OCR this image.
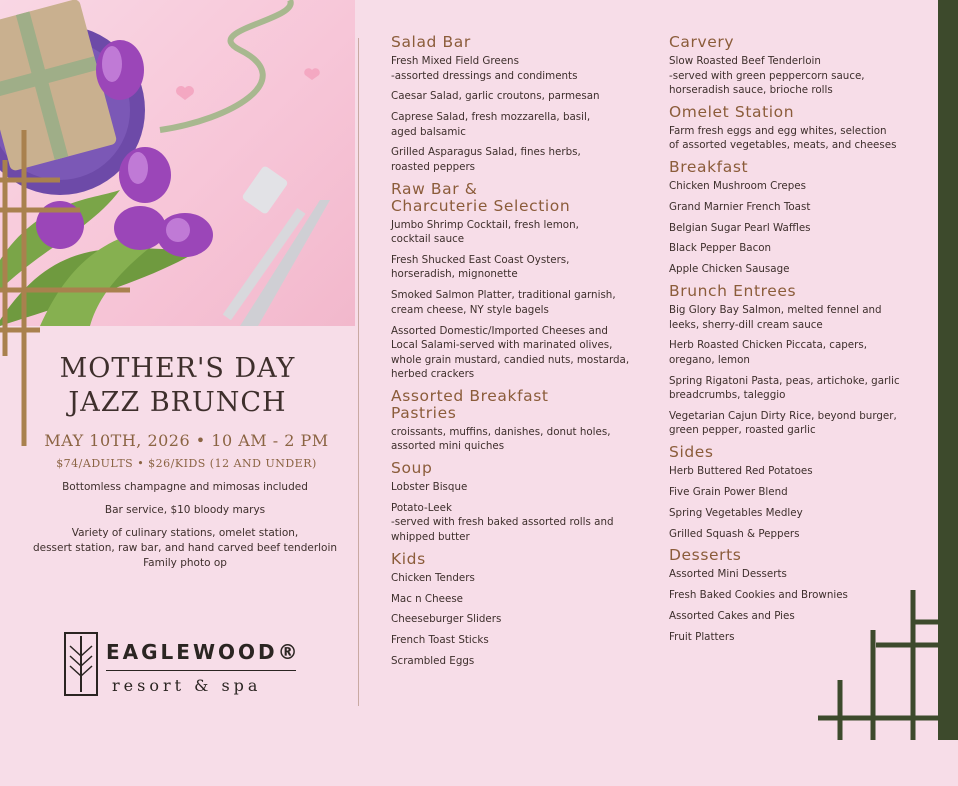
MOTHER'S DAY
JAZZ BRUNCH
MAY 10TH, 2026 • 10 AM - 2 PM
$74/ADULTS • $26/KIDS (12 AND UNDER)
Bottomless champagne and mimosas included
Bar service, $10 bloody marys
Variety of culinary stations, omelet station,
dessert station, raw bar, and hand carved beef tenderloin
Family photo op
EAGLEWOOD®
resort & spa
Salad Bar
Fresh Mixed Field Greens
-assorted dressings and condiments
Caesar Salad, garlic croutons, parmesan
Caprese Salad, fresh mozzarella, basil,
aged balsamic
Grilled Asparagus Salad, fines herbs,
roasted peppers
Raw Bar &
Charcuterie Selection
Jumbo Shrimp Cocktail, fresh lemon,
cocktail sauce
Fresh Shucked East Coast Oysters,
horseradish, mignonette
Smoked Salmon Platter, traditional garnish,
cream cheese, NY style bagels
Assorted Domestic/Imported Cheeses and
Local Salami-served with marinated olives,
whole grain mustard, candied nuts, mostarda,
herbed crackers
Assorted Breakfast
Pastries
croissants, muffins, danishes, donut holes,
assorted mini quiches
Soup
Lobster Bisque
Potato-Leek
-served with fresh baked assorted rolls and
whipped butter
Kids
Chicken Tenders
Mac n Cheese
Cheeseburger Sliders
French Toast Sticks
Scrambled Eggs
Carvery
Slow Roasted Beef Tenderloin
-served with green peppercorn sauce,
horseradish sauce, brioche rolls
Omelet Station
Farm fresh eggs and egg whites, selection
of assorted vegetables, meats, and cheeses
Breakfast
Chicken Mushroom Crepes
Grand Marnier French Toast
Belgian Sugar Pearl Waffles
Black Pepper Bacon
Apple Chicken Sausage
Brunch Entrees
Big Glory Bay Salmon, melted fennel and
leeks, sherry-dill cream sauce
Herb Roasted Chicken Piccata, capers,
oregano, lemon
Spring Rigatoni Pasta, peas, artichoke, garlic
breadcrumbs, taleggio
Vegetarian Cajun Dirty Rice, beyond burger,
green pepper, roasted garlic
Sides
Herb Buttered Red Potatoes
Five Grain Power Blend
Spring Vegetables Medley
Grilled Squash & Peppers
Desserts
Assorted Mini Desserts
Fresh Baked Cookies and Brownies
Assorted Cakes and Pies
Fruit Platters
